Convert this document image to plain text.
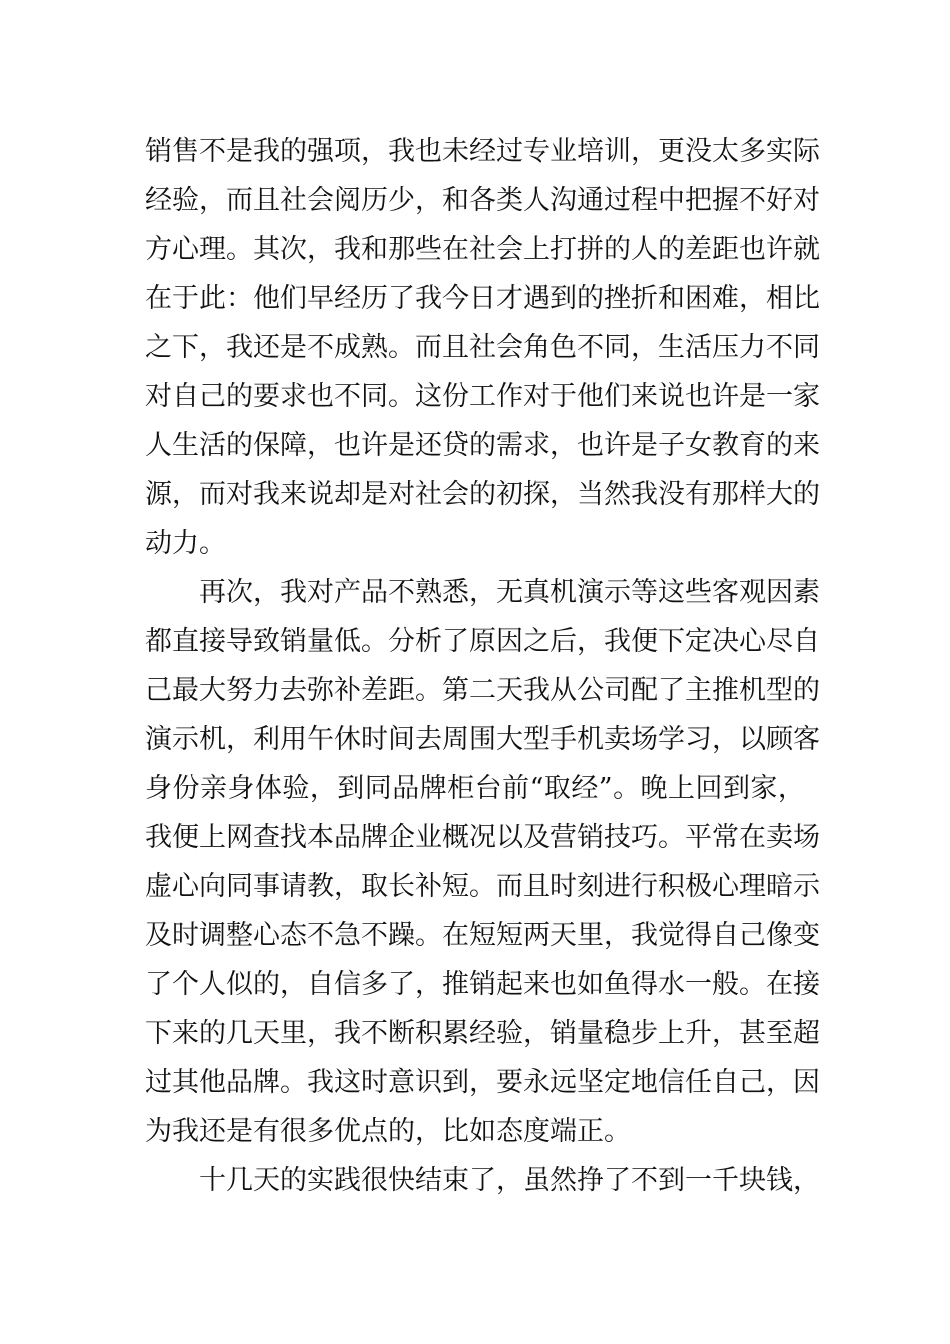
销 售 不 是 我 的 强 项 ， 我 也 未 经 过 专 业 培 训 ， 更 没 太 多 实 际
经 验 ， 而 且 社 会 阅 历 少 ， 和 各 类 人 沟 通 过 程 中 把 握 不 好 对
方 心 理 。 其 次 ， 我 和 那 些 在 社 会 上 打 拼 的 人 的 差 距 也 许 就
在 于 此 ： 他 们 早 经 历 了 我 今 日 才 遇 到 的 挫 折 和 困 难 ， 相 比
之 下 ， 我 还 是 不 成 熟 。 而 且 社 会 角 色 不 同 ， 生 活 压 力 不 同
对 自 己 的 要 求 也 不 同 。 这 份 工 作 对 于 他 们 来 说 也 许 是 一 家
人 生 活 的 保 障 ， 也 许 是 还 贷 的 需 求 ， 也 许 是 子 女 教 育 的 来
源 ， 而 对 我 来 说 却 是 对 社 会 的 初 探 ， 当 然 我 没 有 那 样 大 的
动力。
再 次 ， 我 对 产 品 不 熟 悉 ， 无 真 机 演 示 等 这 些 客 观 因 素
都 直 接 导 致 销 量 低 。 分 析 了 原 因 之 后 ， 我 便 下 定 决 心 尽 自
己 最 大 努 力 去 弥 补 差 距 。 第 二 天 我 从 公 司 配 了 主 推 机 型 的
演 示 机 ， 利 用 午 休 时 间 去 周 围 大 型 手 机 卖 场 学 习 ， 以 顾 客
身 份 亲 身 体 验 ， 到 同 品 牌 柜 台 前 “ 取 经 ” 。 晚 上 回 到 家 ，
我 便 上 网 查 找 本 品 牌 企 业 概 况 以 及 营 销 技 巧 。 平 常 在 卖 场
虚 心 向 同 事 请 教 ， 取 长 补 短 。 而 且 时 刻 进 行 积 极 心 理 暗 示
及 时 调 整 心 态 不 急 不 躁 。 在 短 短 两 天 里 ， 我 觉 得 自 己 像 变
了 个 人 似 的 ， 自 信 多 了 ， 推 销 起 来 也 如 鱼 得 水 一 般 。 在 接
下 来 的 几 天 里 ， 我 不 断 积 累 经 验 ， 销 量 稳 步 上 升 ， 甚 至 超
过 其 他 品 牌 。 我 这 时 意 识 到 ， 要 永 远 坚 定 地 信 任 自 己 ， 因
为我还是有很多优点的，比如态度端正。
十 几 天 的 实 践 很 快 结 束 了 ， 虽 然 挣 了 不 到 一 千 块 钱 ，
